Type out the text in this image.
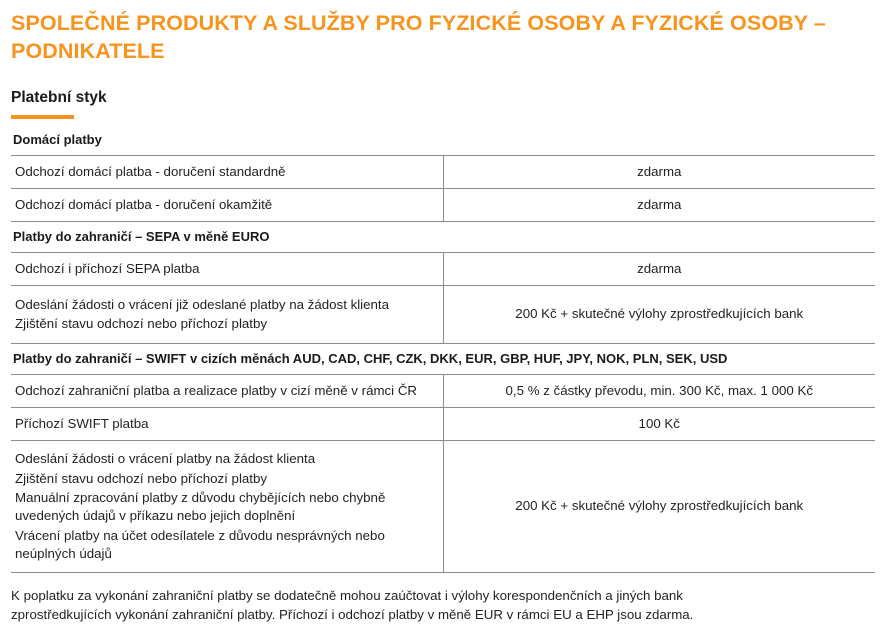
SPOLEČNÉ PRODUKTY A SLUŽBY PRO FYZICKÉ OSOBY A FYZICKÉ OSOBY – PODNIKATELE
Platební styk
Domácí platby	

Odchozí domácí platba - doručení standardně	zdarma

Odchozí domácí platba - doručení okamžitě	zdarma
Platby do zahraničí – SEPA v měně EURO	

Odchozí i příchozí SEPA platba	zdarma

Odeslání žádosti o vrácení již odeslané platby na žádost klienta
Zjištění stavu odchozí nebo příchozí platby	200 Kč + skutečné výlohy zprostředkujících bank
Platby do zahraničí – SWIFT v cizích měnách AUD, CAD, CHF, CZK, DKK, EUR, GBP, HUF, JPY, NOK, PLN, SEK, USD	

Odchozí zahraniční platba a realizace platby v cizí měně v rámci ČR	0,5 % z částky převodu, min. 300 Kč, max. 1 000 Kč

Příchozí SWIFT platba	100 Kč

Odeslání žádosti o vrácení platby na žádost klienta
Zjištění stavu odchozí nebo příchozí platby
Manuální zpracování platby z důvodu chybějících nebo chybně uvedených údajů v příkazu nebo jejich doplnění
Vrácení platby na účet odesílatele z důvodu nesprávných nebo neúplných údajů	200 Kč + skutečné výlohy zprostředkujících bank
K poplatku za vykonání zahraniční platby se dodatečně mohou zaúčtovat i výlohy korespondenčních a jiných bank
zprostředkujících vykonání zahraniční platby. Příchozí i odchozí platby v měně EUR v rámci EU a EHP jsou zdarma.
